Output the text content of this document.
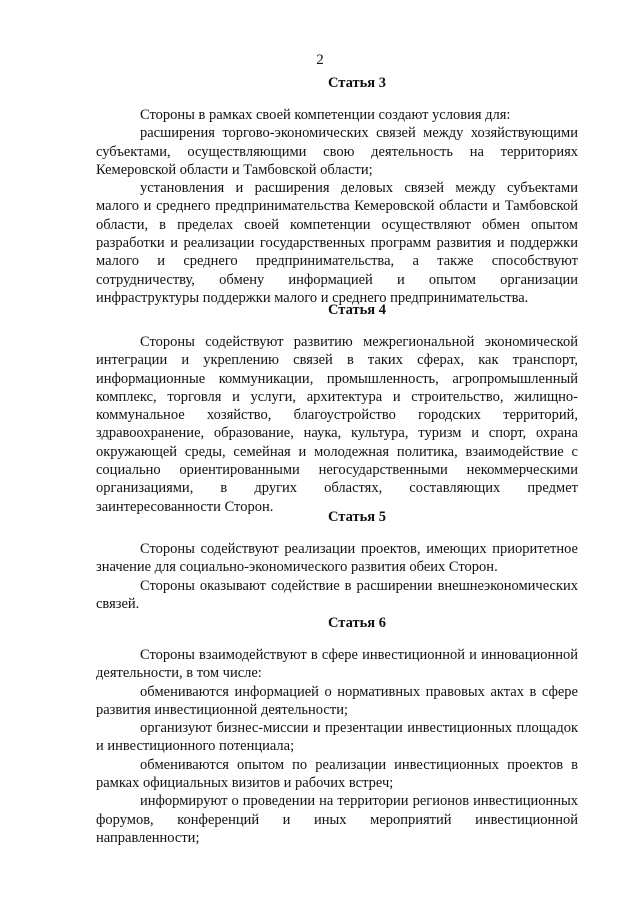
2
Статья 3

Стороны в рамках своей компетенции создают условия для:

расширения торгово-экономических связей между хозяйствующими субъектами, осуществляющими свою деятельность на территориях Кемеровской области и Тамбовской области;

установления и расширения деловых связей между субъектами малого и среднего предпринимательства Кемеровской области и Тамбовской области, в пределах своей компетенции осуществляют обмен опытом разработки и реализации государственных программ развития и поддержки малого и среднего предпринимательства, а также способствуют сотрудничеству, обмену информацией и опытом организации инфраструктуры поддержки малого и среднего предпринимательства.

Статья 4

Стороны содействуют развитию межрегиональной экономической интеграции и укреплению связей в таких сферах, как транспорт, информационные коммуникации, промышленность, агропромышленный комплекс, торговля и услуги, архитектура и строительство, жилищно-коммунальное хозяйство, благоустройство городских территорий, здравоохранение, образование, наука, культура, туризм и спорт, охрана окружающей среды, семейная и молодежная политика, взаимодействие с социально ориентированными негосударственными некоммерческими организациями, в других областях, составляющих предмет заинтересованности Сторон.

Статья 5

Стороны содействуют реализации проектов, имеющих приоритетное значение для социально-экономического развития обеих Сторон.

Стороны оказывают содействие в расширении внешнеэкономических связей.

Статья 6

Стороны взаимодействуют в сфере инвестиционной и инновационной деятельности, в том числе:

обмениваются информацией о нормативных правовых актах в сфере развития инвестиционной деятельности;

организуют бизнес-миссии и презентации инвестиционных площадок и инвестиционного потенциала;

обмениваются опытом по реализации инвестиционных проектов в рамках официальных визитов и рабочих встреч;

информируют о проведении на территории регионов инвестиционных форумов, конференций и иных мероприятий инвестиционной направленности;
